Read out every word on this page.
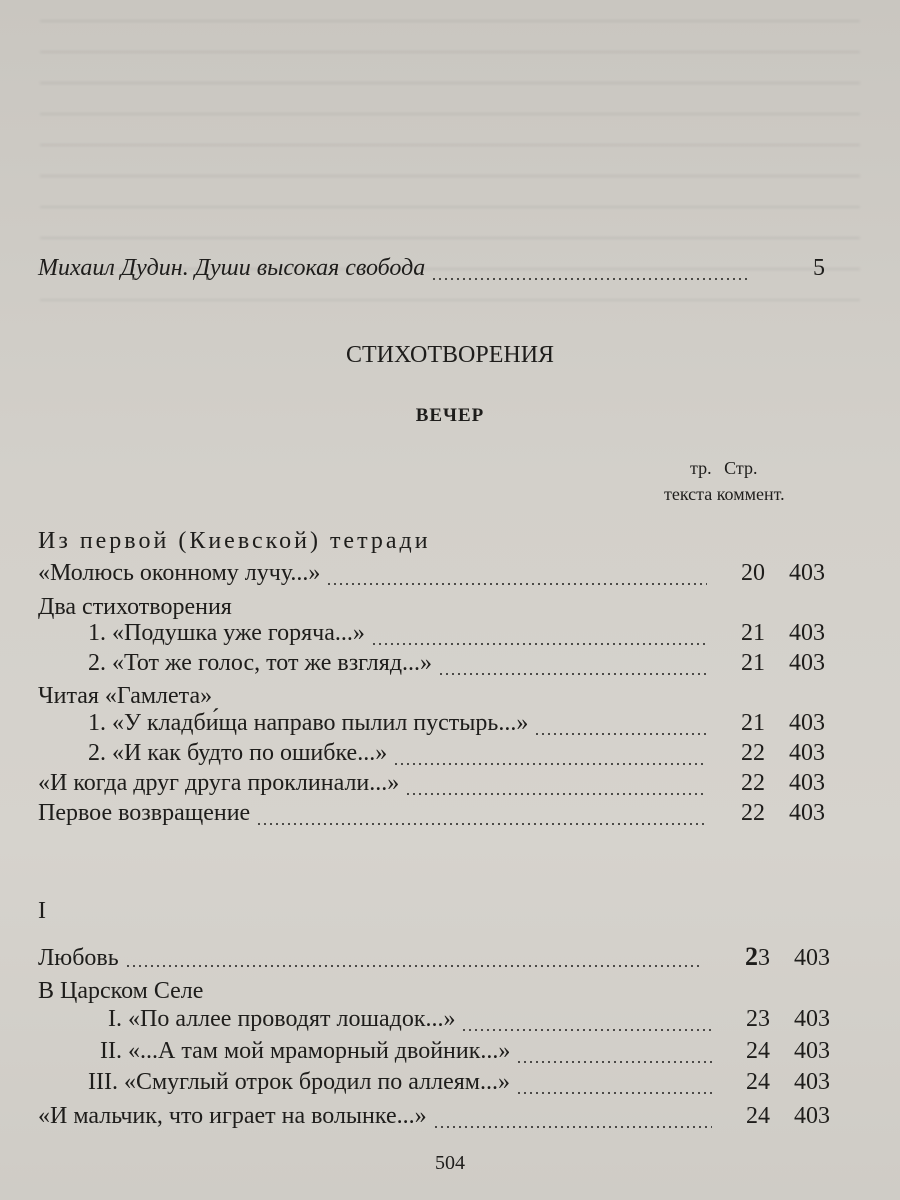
Михаил Дудин. Души высокая свобода	5
СТИХОТВОРЕНИЯ
ВЕЧЕР
тр. Стр.
текста коммент.
Из первой (Киевской) тетради
«Молюсь оконному лучу...»	20	403
Два стихотворения
1. «Подушка уже горяча...»	21	403
2. «Тот же голос, тот же взгляд...»	21	403
Читая «Гамлета»
1. «У кладби́ща направо пылил пустырь...»	21	403
2. «И как будто по ошибке...»	22	403
«И когда друг друга проклинали...»	22	403
Первое возвращение	22	403
I
Любовь	23	403
В Царском Селе
I. «По аллее проводят лошадок...»	23	403
II. «...А там мой мраморный двойник...»	24	403
III. «Смуглый отрок бродил по аллеям...»	24	403
«И мальчик, что играет на волынке...»	24	403
504
